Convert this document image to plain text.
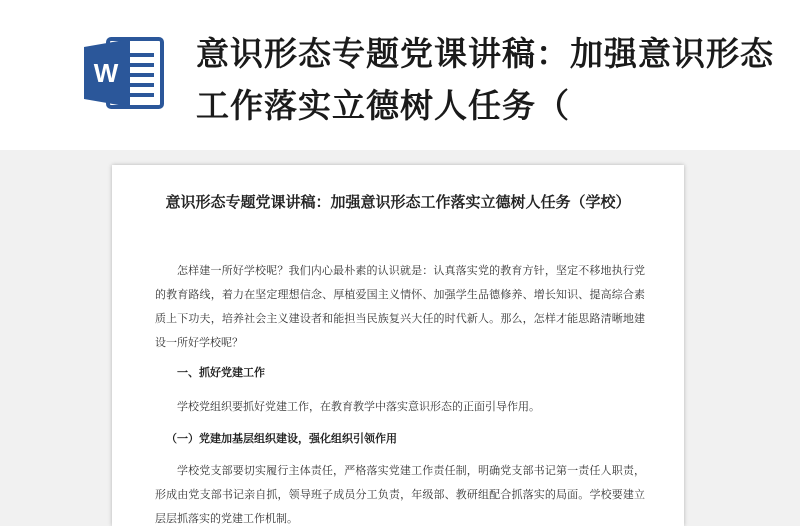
W 意识形态专题党课讲稿：加强意识形态工作落实立德树人任务（
意识形态专题党课讲稿：加强意识形态工作落实立德树人任务（学校）

怎样建一所好学校呢？我们内心最朴素的认识就是：认真落实党的教育方针，坚定不移地执行党的教育路线，着力在坚定理想信念、厚植爱国主义情怀、加强学生品德修养、增长知识、提高综合素质上下功夫，培养社会主义建设者和能担当民族复兴大任的时代新人。那么，怎样才能思路清晰地建设一所好学校呢？

一、抓好党建工作

学校党组织要抓好党建工作，在教育教学中落实意识形态的正面引导作用。

（一）党建加基层组织建设，强化组织引领作用

学校党支部要切实履行主体责任，严格落实党建工作责任制，明确党支部书记第一责任人职责，形成由党支部书记亲自抓，领导班子成员分工负责，年级部、教研组配合抓落实的局面。学校要建立层层抓落实的党建工作机制。
